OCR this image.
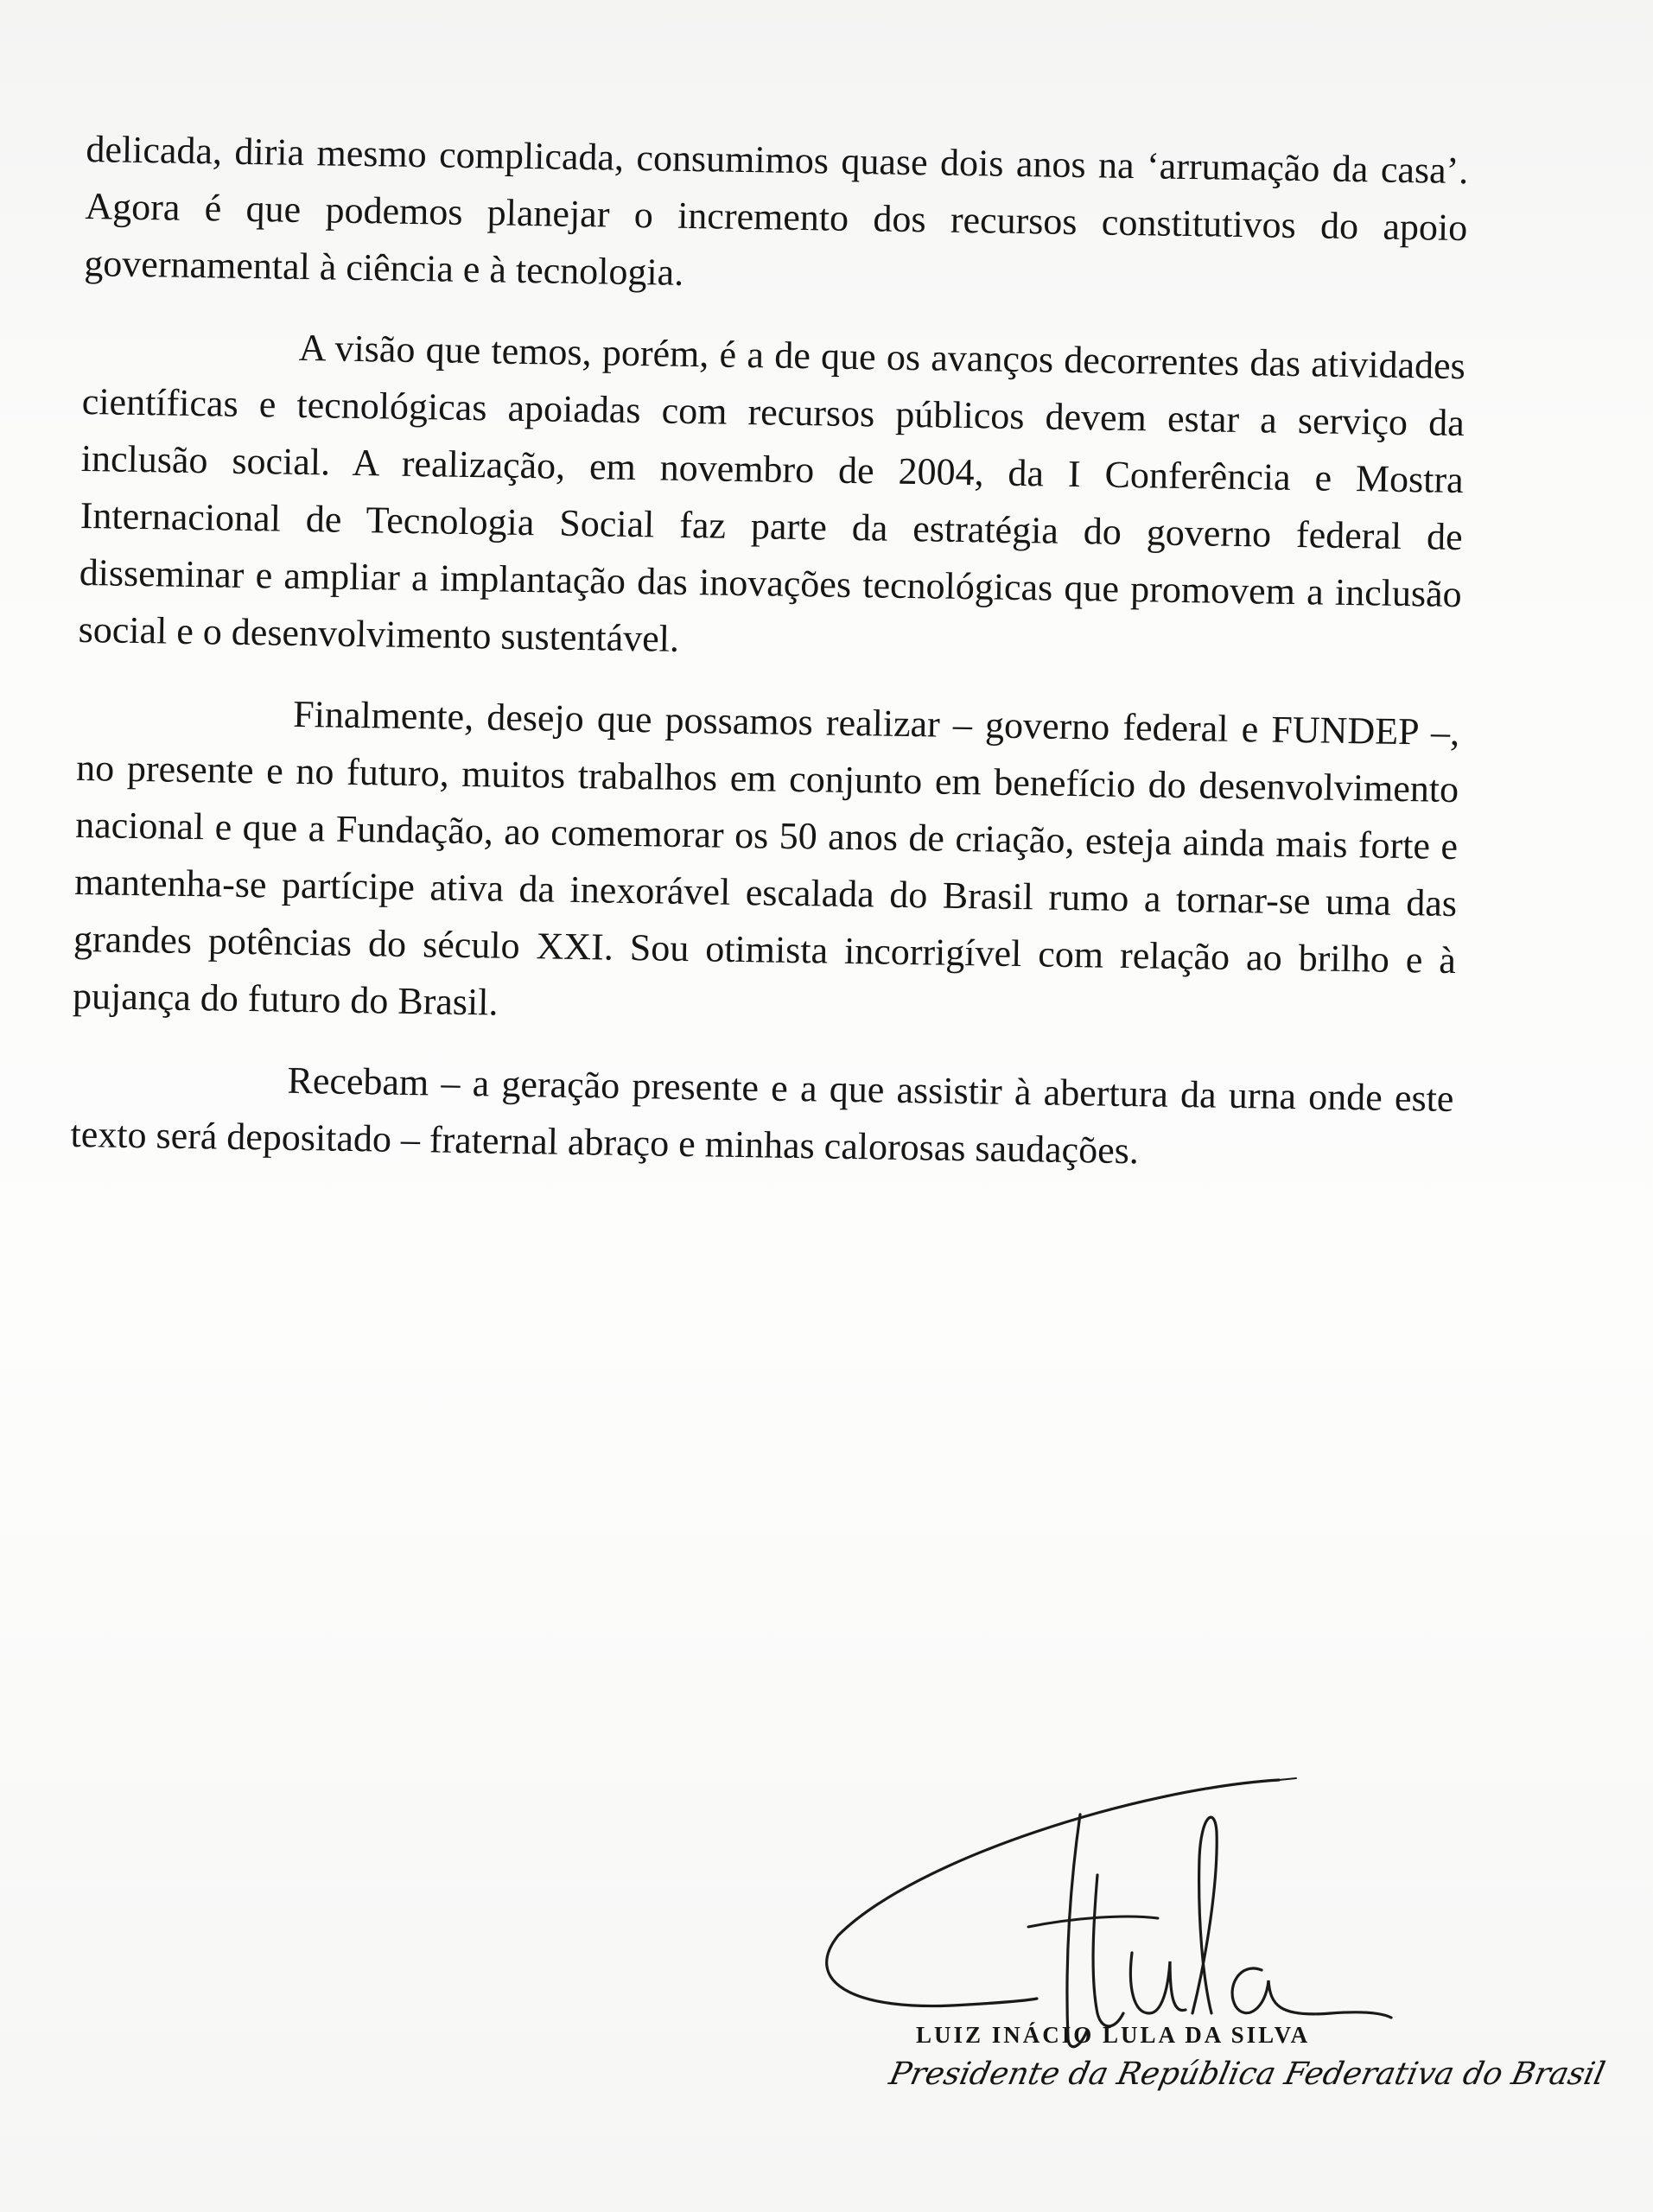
delicada, diria mesmo complicada, consumimos quase dois anos na ‘arrumação da casa’. Agora é que podemos planejar o incremento dos recursos constitutivos do apoio governamental à ciência e à tecnologia.

A visão que temos, porém, é a de que os avanços decorrentes das atividades científicas e tecnológicas apoiadas com recursos públicos devem estar a serviço da inclusão social. A realização, em novembro de 2004, da I Conferência e Mostra Internacional de Tecnologia Social faz parte da estratégia do governo federal de disseminar e ampliar a implantação das inovações tecnológicas que promovem a inclusão social e o desenvolvimento sustentável.

Finalmente, desejo que possamos realizar – governo federal e FUNDEP –, no presente e no futuro, muitos trabalhos em conjunto em benefício do desenvolvimento nacional e que a Fundação, ao comemorar os 50 anos de criação, esteja ainda mais forte e mantenha-se partícipe ativa da inexorável escalada do Brasil rumo a tornar-se uma das grandes potências do século XXI. Sou otimista incorrigível com relação ao brilho e à pujança do futuro do Brasil.

Recebam – a geração presente e a que assistir à abertura da urna onde este texto será depositado – fraternal abraço e minhas calorosas saudações.

LUIZ INÁCIO LULA DA SILVA
Presidente da República Federativa do Brasil
